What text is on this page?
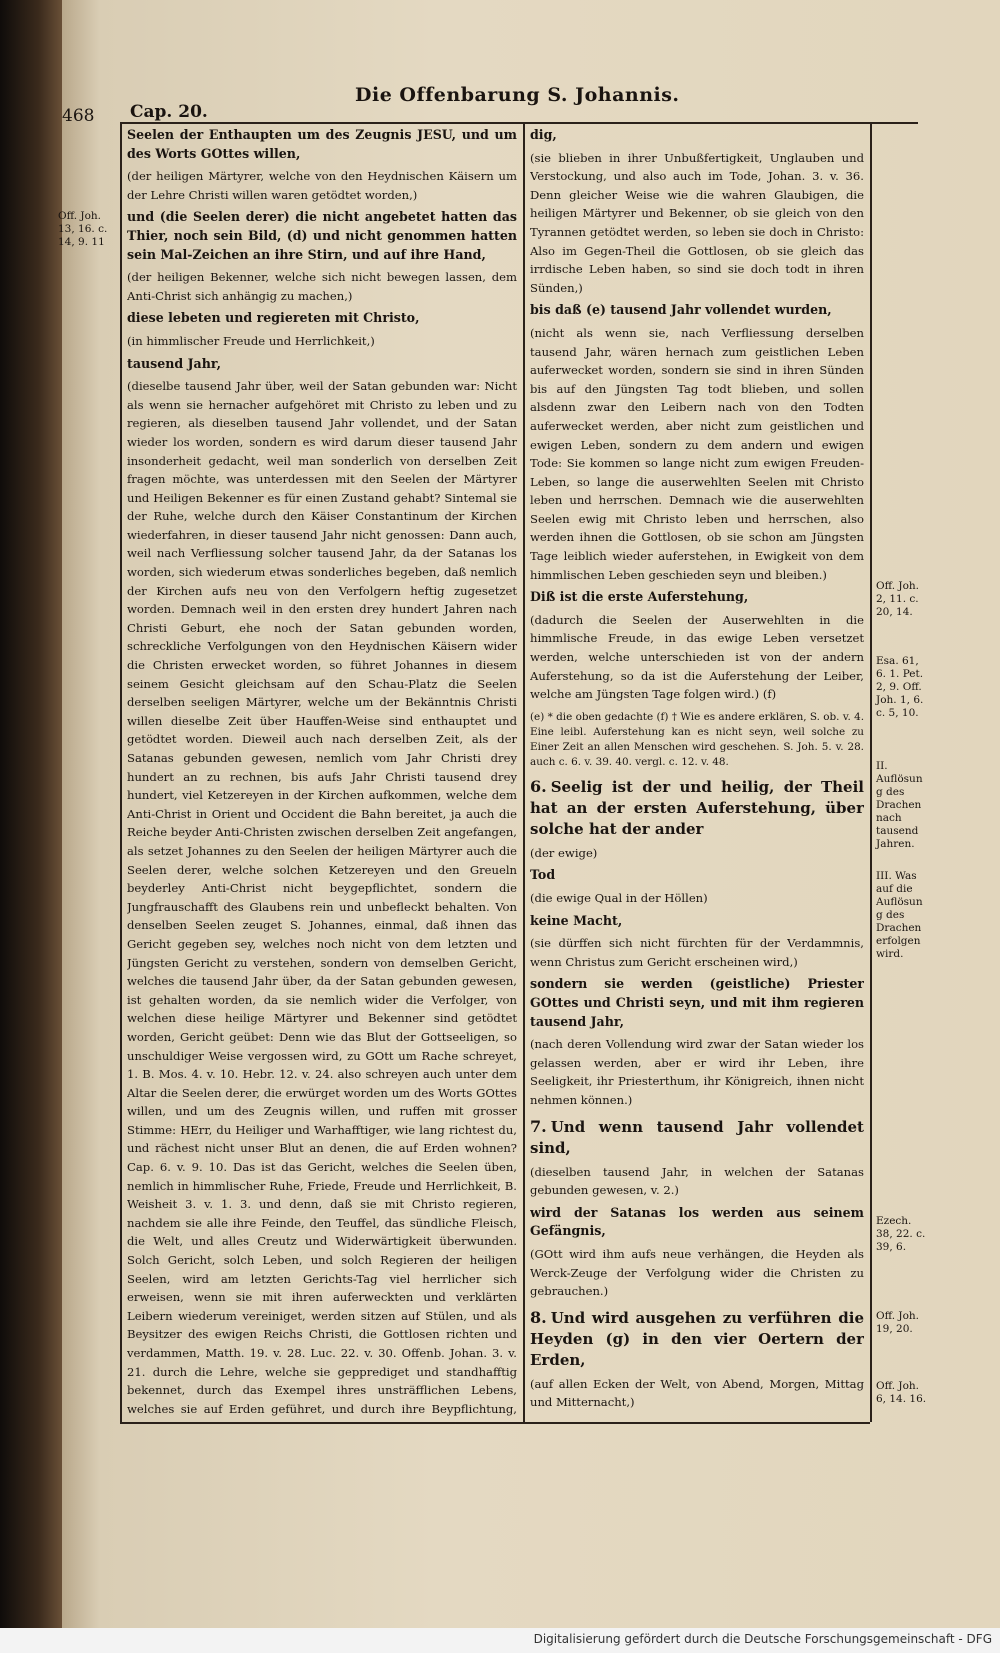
Die Offenbarung S. Johannis.
468 Cap. 20.
Off. Joh. 13, 16. c. 14, 9. 11
Off. Joh. 2, 11. c. 20, 14.
Esa. 61, 6. 1. Pet. 2, 9. Off. Joh. 1, 6. c. 5, 10.
II. Auflösung des Drachen nach tausend Jahren.
III. Was auf die Auflösung des Drachen erfolgen wird.
Ezech. 38, 22. c. 39, 6.
Off. Joh. 19, 20.
Off. Joh. 6, 14. 16.

Seelen der Enthaupten um des Zeugnis JESU, und um des Worts GOttes willen,

(der heiligen Märtyrer, welche von den Heydnischen Käisern um der Lehre Christi willen waren getödtet worden,)

und (die Seelen derer) die nicht angebetet hatten das Thier, noch sein Bild, (d) und nicht genommen hatten sein Mal-Zeichen an ihre Stirn, und auf ihre Hand,

(der heiligen Bekenner, welche sich nicht bewegen lassen, dem Anti-Christ sich anhängig zu machen,)

diese lebeten und regiereten mit Christo,

(in himmlischer Freude und Herrlichkeit,)

tausend Jahr,

(dieselbe tausend Jahr über, weil der Satan gebunden war: Nicht als wenn sie hernacher aufgehöret mit Christo zu leben und zu regieren, als dieselben tausend Jahr vollendet, und der Satan wieder los worden, sondern es wird darum dieser tausend Jahr insonderheit gedacht, weil man sonderlich von derselben Zeit fragen möchte, was unterdessen mit den Seelen der Märtyrer und Heiligen Bekenner es für einen Zustand gehabt? Sintemal sie der Ruhe, welche durch den Käiser Constantinum der Kirchen wiederfahren, in dieser tausend Jahr nicht genossen: Dann auch, weil nach Verfliessung solcher tausend Jahr, da der Satanas los worden, sich wiederum etwas sonderliches begeben, daß nemlich der Kirchen aufs neu von den Verfolgern heftig zugesetzet worden. Demnach weil in den ersten drey hundert Jahren nach Christi Geburt, ehe noch der Satan gebunden worden, schreckliche Verfolgungen von den Heydnischen Käisern wider die Christen erwecket worden, so führet Johannes in diesem seinem Gesicht gleichsam auf den Schau-Platz die Seelen derselben seeligen Märtyrer, welche um der Bekänntnis Christi willen dieselbe Zeit über Hauffen-Weise sind enthauptet und getödtet worden. Dieweil auch nach derselben Zeit, als der Satanas gebunden gewesen, nemlich vom Jahr Christi drey hundert an zu rechnen, bis aufs Jahr Christi tausend drey hundert, viel Ketzereyen in der Kirchen aufkommen, welche dem Anti-Christ in Orient und Occident die Bahn bereitet, ja auch die Reiche beyder Anti-Christen zwischen derselben Zeit angefangen, als setzet Johannes zu den Seelen der heiligen Märtyrer auch die Seelen derer, welche solchen Ketzereyen und den Greueln beyderley Anti-Christ nicht beygepflichtet, sondern die Jungfrauschafft des Glaubens rein und unbefleckt behalten. Von denselben Seelen zeuget S. Johannes, einmal, daß ihnen das Gericht gegeben sey, welches noch nicht von dem letzten und Jüngsten Gericht zu verstehen, sondern von demselben Gericht, welches die tausend Jahr über, da der Satan gebunden gewesen, ist gehalten worden, da sie nemlich wider die Verfolger, von welchen diese heilige Märtyrer und Bekenner sind getödtet worden, Gericht geübet: Denn wie das Blut der Gottseeligen, so unschuldiger Weise vergossen wird, zu GOtt um Rache schreyet, 1. B. Mos. 4. v. 10. Hebr. 12. v. 24. also schreyen auch unter dem Altar die Seelen derer, die erwürget worden um des Worts GOttes willen, und um des Zeugnis willen, und ruffen mit grosser Stimme: HErr, du Heiliger und Warhafftiger, wie lang richtest du, und rächest nicht unser Blut an denen, die auf Erden wohnen? Cap. 6. v. 9. 10. Das ist das Gericht, welches die Seelen üben, nemlich in himmlischer Ruhe, Friede, Freude und Herrlichkeit, B. Weisheit 3. v. 1. 3. und denn, daß sie mit Christo regieren, nachdem sie alle ihre Feinde, den Teuffel, das sündliche Fleisch, die Welt, und alles Creutz und Widerwärtigkeit überwunden. Solch Gericht, solch Leben, und solch Regieren der heiligen Seelen, wird am letzten Gerichts-Tag viel herrlicher sich erweisen, wenn sie mit ihren auferweckten und verklärten Leibern wiederum vereiniget, werden sitzen auf Stülen, und als Beysitzer des ewigen Reichs Christi, die Gottlosen richten und verdammen, Matth. 19. v. 28. Luc. 22. v. 30. Offenb. Johan. 3. v. 21. durch die Lehre, welche sie gepprediget und standhafftig bekennet, durch das Exempel ihres unsträfflichen Lebens, welches sie auf Erden geführet, und durch ihre Beypflichtung,

dig,

(sie blieben in ihrer Unbußfertigkeit, Unglauben und Verstockung, und also auch im Tode, Johan. 3. v. 36. Denn gleicher Weise wie die wahren Glaubigen, die heiligen Märtyrer und Bekenner, ob sie gleich von den Tyrannen getödtet werden, so leben sie doch in Christo: Also im Gegen-Theil die Gottlosen, ob sie gleich das irrdische Leben haben, so sind sie doch todt in ihren Sünden,)

bis daß (e) tausend Jahr vollendet wurden,

(nicht als wenn sie, nach Verfliessung derselben tausend Jahr, wären hernach zum geistlichen Leben auferwecket worden, sondern sie sind in ihren Sünden bis auf den Jüngsten Tag todt blieben, und sollen alsdenn zwar den Leibern nach von den Todten auferwecket werden, aber nicht zum geistlichen und ewigen Leben, sondern zu dem andern und ewigen Tode: Sie kommen so lange nicht zum ewigen Freuden-Leben, so lange die auserwehlten Seelen mit Christo leben und herrschen. Demnach wie die auserwehlten Seelen ewig mit Christo leben und herrschen, also werden ihnen die Gottlosen, ob sie schon am Jüngsten Tage leiblich wieder auferstehen, in Ewigkeit von dem himmlischen Leben geschieden seyn und bleiben.)

Diß ist die erste Auferstehung,

(dadurch die Seelen der Auserwehlten in die himmlische Freude, in das ewige Leben versetzet werden, welche unterschieden ist von der andern Auferstehung, so da ist die Auferstehung der Leiber, welche am Jüngsten Tage folgen wird.) (f)

(e) * die oben gedachte (f) † Wie es andere erklären, S. ob. v. 4. Eine leibl. Auferstehung kan es nicht seyn, weil solche zu Einer Zeit an allen Menschen wird geschehen. S. Joh. 5. v. 28. auch c. 6. v. 39. 40. vergl. c. 12. v. 48.

6. Seelig ist der und heilig, der Theil hat an der ersten Auferstehung, über solche hat der ander

(der ewige)

Tod

(die ewige Qual in der Höllen)

keine Macht,

(sie dürffen sich nicht fürchten für der Verdammnis, wenn Christus zum Gericht erscheinen wird,)

sondern sie werden (geistliche) Priester GOttes und Christi seyn, und mit ihm regieren tausend Jahr,

(nach deren Vollendung wird zwar der Satan wieder los gelassen werden, aber er wird ihr Leben, ihre Seeligkeit, ihr Priesterthum, ihr Königreich, ihnen nicht nehmen können.)

7. Und wenn tausend Jahr vollendet sind,

(dieselben tausend Jahr, in welchen der Satanas gebunden gewesen, v. 2.)

wird der Satanas los werden aus seinem Gefängnis,

(GOtt wird ihm aufs neue verhängen, die Heyden als Werck-Zeuge der Verfolgung wider die Christen zu gebrauchen.)

8. Und wird ausgehen zu verführen die Heyden (g) in den vier Oertern der Erden,

(auf allen Ecken der Welt, von Abend, Morgen, Mittag und Mitternacht,)

Digitalisierung gefördert durch die Deutsche Forschungsgemeinschaft - DFG
